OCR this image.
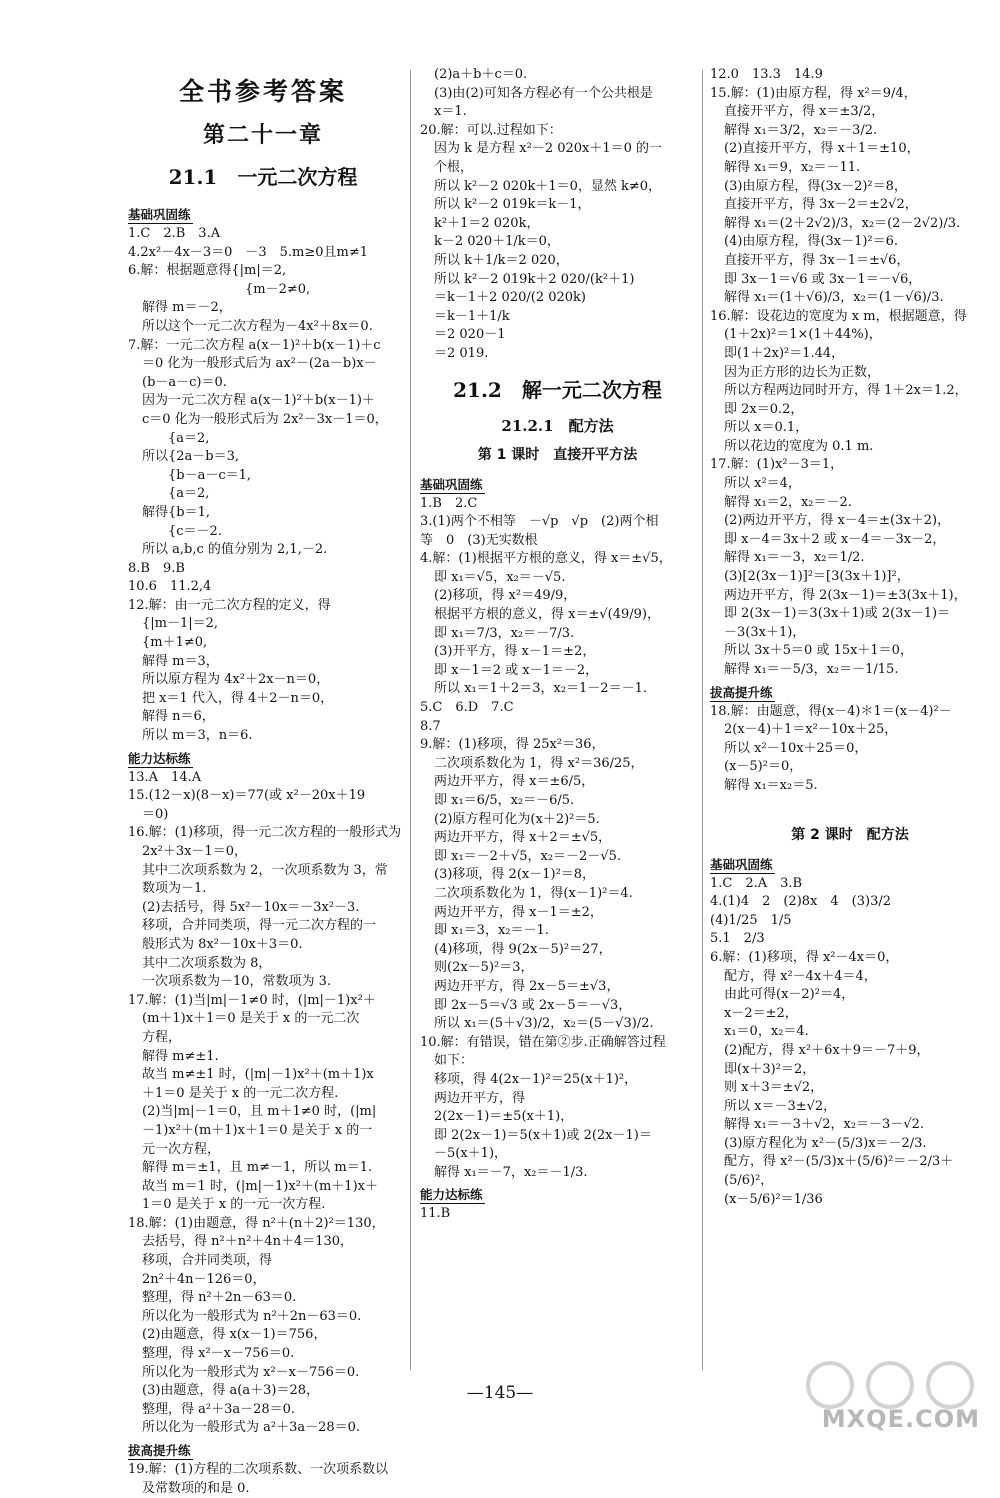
全书参考答案
第二十一章
21.1　一元二次方程
基础巩固练
1.C　2.B　3.A
4.2x²－4x－3＝0　－3　5.m≥0且m≠1
6.解：根据题意得{|m|＝2,
　　　　　　　　　{m－2≠0,
解得 m＝－2，
所以这个一元二次方程为－4x²＋8x＝0.
7.解：一元二次方程 a(x－1)²＋b(x－1)＋c
＝0 化为一般形式后为 ax²－(2a－b)x－
(b－a－c)＝0.
因为一元二次方程 a(x－1)²＋b(x－1)＋
c＝0 化为一般形式后为 2x²－3x－1＝0，
　　{a＝2,
所以{2a－b＝3,
　　{b－a－c＝1,
　　{a＝2,
解得{b＝1,
　　{c＝－2.
所以 a,b,c 的值分别为 2,1,－2.
8.B　9.B
10.6　11.2,4
12.解：由一元二次方程的定义，得
{|m－1|＝2,
{m＋1≠0,
解得 m＝3，
所以原方程为 4x²＋2x－n＝0，
把 x＝1 代入，得 4＋2－n＝0，
解得 n＝6，
所以 m＝3，n＝6.
能力达标练
13.A　14.A
15.(12－x)(8－x)＝77(或 x²－20x＋19
＝0)
16.解：(1)移项，得一元二次方程的一般形式为
2x²＋3x－1＝0，
其中二次项系数为 2，一次项系数为 3，常
数项为－1.
(2)去括号，得 5x²－10x＝－3x²－3.
移项，合并同类项，得一元二次方程的一
般形式为 8x²－10x＋3＝0.
其中二次项系数为 8，
一次项系数为－10，常数项为 3.
17.解：(1)当|m|－1≠0 时，(|m|－1)x²＋
(m＋1)x＋1＝0 是关于 x 的一元二次
方程，
解得 m≠±1.
故当 m≠±1 时，(|m|－1)x²＋(m＋1)x
＋1＝0 是关于 x 的一元二次方程.
(2)当|m|－1＝0，且 m＋1≠0 时，(|m|
－1)x²＋(m＋1)x＋1＝0 是关于 x 的一
元一次方程，
解得 m＝±1，且 m≠－1，所以 m＝1.
故当 m＝1 时，(|m|－1)x²＋(m＋1)x＋
1＝0 是关于 x 的一元一次方程.
18.解：(1)由题意，得 n²＋(n＋2)²＝130，
去括号，得 n²＋n²＋4n＋4＝130，
移项，合并同类项，得
2n²＋4n－126＝0，
整理，得 n²＋2n－63＝0.
所以化为一般形式为 n²＋2n－63＝0.
(2)由题意，得 x(x－1)＝756，
整理，得 x²－x－756＝0.
所以化为一般形式为 x²－x－756＝0.
(3)由题意，得 a(a＋3)＝28，
整理，得 a²＋3a－28＝0.
所以化为一般形式为 a²＋3a－28＝0.
拔高提升练
19.解：(1)方程的二次项系数、一次项系数以
及常数项的和是 0.
(2)a＋b＋c＝0.
(3)由(2)可知各方程必有一个公共根是
x＝1.
20.解：可以.过程如下：
因为 k 是方程 x²－2 020x＋1＝0 的一
个根，
所以 k²－2 020k＋1＝0，显然 k≠0，
所以 k²－2 019k＝k－1，
k²＋1＝2 020k，
k－2 020＋1/k＝0，
所以 k＋1/k＝2 020，
所以 k²－2 019k＋2 020/(k²＋1)
＝k－1＋2 020/(2 020k)
＝k－1＋1/k
＝2 020－1
＝2 019.
21.2　解一元二次方程
21.2.1　配方法
第 1 课时　直接开平方法
基础巩固练
1.B　2.C
3.(1)两个不相等　－√p　√p　(2)两个相
等　0　(3)无实数根
4.解：(1)根据平方根的意义，得 x＝±√5，
即 x₁＝√5，x₂＝－√5.
(2)移项，得 x²＝49/9，
根据平方根的意义，得 x＝±√(49/9)，
即 x₁＝7/3，x₂＝－7/3.
(3)开平方，得 x－1＝±2，
即 x－1＝2 或 x－1＝－2，
所以 x₁＝1＋2＝3，x₂＝1－2＝－1.
5.C　6.D　7.C
8.7
9.解：(1)移项，得 25x²＝36，
二次项系数化为 1，得 x²＝36/25，
两边开平方，得 x＝±6/5，
即 x₁＝6/5，x₂＝－6/5.
(2)原方程可化为(x＋2)²＝5.
两边开平方，得 x＋2＝±√5，
即 x₁＝－2＋√5，x₂＝－2－√5.
(3)移项，得 2(x－1)²＝8，
二次项系数化为 1，得(x－1)²＝4.
两边开平方，得 x－1＝±2，
即 x₁＝3，x₂＝－1.
(4)移项，得 9(2x－5)²＝27，
则(2x－5)²＝3，
两边开平方，得 2x－5＝±√3，
即 2x－5＝√3 或 2x－5＝－√3，
所以 x₁＝(5＋√3)/2，x₂＝(5－√3)/2.
10.解：有错误，错在第②步.正确解答过程
如下：
移项，得 4(2x－1)²＝25(x＋1)²，
两边开平方，得
2(2x－1)＝±5(x＋1)，
即 2(2x－1)＝5(x＋1)或 2(2x－1)＝
－5(x＋1)，
解得 x₁＝－7，x₂＝－1/3.
能力达标练
11.B
12.0　13.3　14.9
15.解：(1)由原方程，得 x²＝9/4，
直接开平方，得 x＝±3/2，
解得 x₁＝3/2，x₂＝－3/2.
(2)直接开平方，得 x＋1＝±10，
解得 x₁＝9，x₂＝－11.
(3)由原方程，得(3x－2)²＝8，
直接开平方，得 3x－2＝±2√2，
解得 x₁＝(2＋2√2)/3，x₂＝(2－2√2)/3.
(4)由原方程，得(3x－1)²＝6.
直接开平方，得 3x－1＝±√6，
即 3x－1＝√6 或 3x－1＝－√6，
解得 x₁＝(1＋√6)/3，x₂＝(1－√6)/3.
16.解：设花边的宽度为 x m，根据题意，得
(1＋2x)²＝1×(1＋44%)，
即(1＋2x)²＝1.44，
因为正方形的边长为正数，
所以方程两边同时开方，得 1＋2x＝1.2，
即 2x＝0.2，
所以 x＝0.1，
所以花边的宽度为 0.1 m.
17.解：(1)x²－3＝1，
所以 x²＝4，
解得 x₁＝2，x₂＝－2.
(2)两边开平方，得 x－4＝±(3x＋2)，
即 x－4＝3x＋2 或 x－4＝－3x－2，
解得 x₁＝－3，x₂＝1/2.
(3)[2(3x－1)]²＝[3(3x＋1)]²，
两边开平方，得 2(3x－1)＝±3(3x＋1)，
即 2(3x－1)＝3(3x＋1)或 2(3x－1)＝
－3(3x＋1)，
所以 3x＋5＝0 或 15x＋1＝0，
解得 x₁＝－5/3，x₂＝－1/15.
拔高提升练
18.解：由题意，得(x－4)＊1＝(x－4)²－
2(x－4)＋1＝x²－10x＋25，
所以 x²－10x＋25＝0，
(x－5)²＝0，
解得 x₁＝x₂＝5.
第 2 课时　配方法
基础巩固练
1.C　2.A　3.B
4.(1)4　2　(2)8x　4　(3)3/2
(4)1/25　1/5
5.1　2/3
6.解：(1)移项，得 x²－4x＝0，
配方，得 x²－4x＋4＝4，
由此可得(x－2)²＝4，
x－2＝±2，
x₁＝0，x₂＝4.
(2)配方，得 x²＋6x＋9＝－7＋9，
即(x＋3)²＝2，
则 x＋3＝±√2，
所以 x＝－3±√2，
解得 x₁＝－3＋√2，x₂＝－3－√2.
(3)原方程化为 x²－(5/3)x＝－2/3.
配方，得 x²－(5/3)x＋(5/6)²＝－2/3＋
(5/6)²，
(x－5/6)²＝1/36
—145—
MXQE.COM
